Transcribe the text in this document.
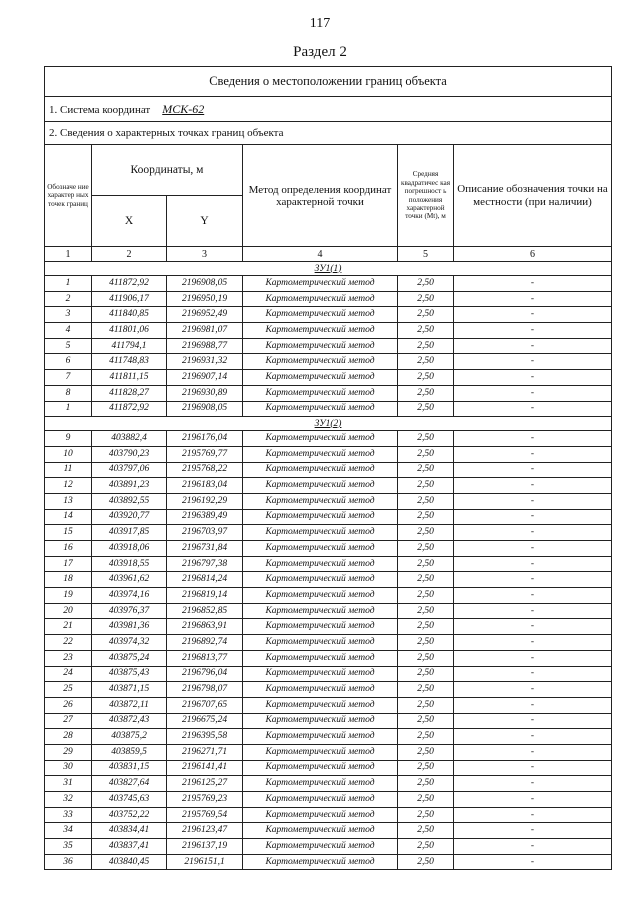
117
Раздел 2
Сведения о местоположении границ объекта					
1. Система координат МСК-62					
2. Сведения о характерных точках границ объекта					
Обозначе ние характер ных точек границ	Координаты, м		Метод определения координат характерной точки	Средняя квадратичес кая погрешност ь положения характерной точки (Mt), м	Описание обозначения точки на местности (при наличии)
	X	Y			
1	2	3	4	5	6
ЗУ1(1)					
1	411872,92	2196908,05	Картометрический метод	2,50	-
2	411906,17	2196950,19	Картометрический метод	2,50	-
3	411840,85	2196952,49	Картометрический метод	2,50	-
4	411801,06	2196981,07	Картометрический метод	2,50	-
5	411794,1	2196988,77	Картометрический метод	2,50	-
6	411748,83	2196931,32	Картометрический метод	2,50	-
7	411811,15	2196907,14	Картометрический метод	2,50	-
8	411828,27	2196930,89	Картометрический метод	2,50	-
1	411872,92	2196908,05	Картометрический метод	2,50	-
ЗУ1(2)					
9	403882,4	2196176,04	Картометрический метод	2,50	-
10	403790,23	2195769,77	Картометрический метод	2,50	-
11	403797,06	2195768,22	Картометрический метод	2,50	-
12	403891,23	2196183,04	Картометрический метод	2,50	-
13	403892,55	2196192,29	Картометрический метод	2,50	-
14	403920,77	2196389,49	Картометрический метод	2,50	-
15	403917,85	2196703,97	Картометрический метод	2,50	-
16	403918,06	2196731,84	Картометрический метод	2,50	-
17	403918,55	2196797,38	Картометрический метод	2,50	-
18	403961,62	2196814,24	Картометрический метод	2,50	-
19	403974,16	2196819,14	Картометрический метод	2,50	-
20	403976,37	2196852,85	Картометрический метод	2,50	-
21	403981,36	2196863,91	Картометрический метод	2,50	-
22	403974,32	2196892,74	Картометрический метод	2,50	-
23	403875,24	2196813,77	Картометрический метод	2,50	-
24	403875,43	2196796,04	Картометрический метод	2,50	-
25	403871,15	2196798,07	Картометрический метод	2,50	-
26	403872,11	2196707,65	Картометрический метод	2,50	-
27	403872,43	2196675,24	Картометрический метод	2,50	-
28	403875,2	2196395,58	Картометрический метод	2,50	-
29	403859,5	2196271,71	Картометрический метод	2,50	-
30	403831,15	2196141,41	Картометрический метод	2,50	-
31	403827,64	2196125,27	Картометрический метод	2,50	-
32	403745,63	2195769,23	Картометрический метод	2,50	-
33	403752,22	2195769,54	Картометрический метод	2,50	-
34	403834,41	2196123,47	Картометрический метод	2,50	-
35	403837,41	2196137,19	Картометрический метод	2,50	-
36	403840,45	2196151,1	Картометрический метод	2,50	-
